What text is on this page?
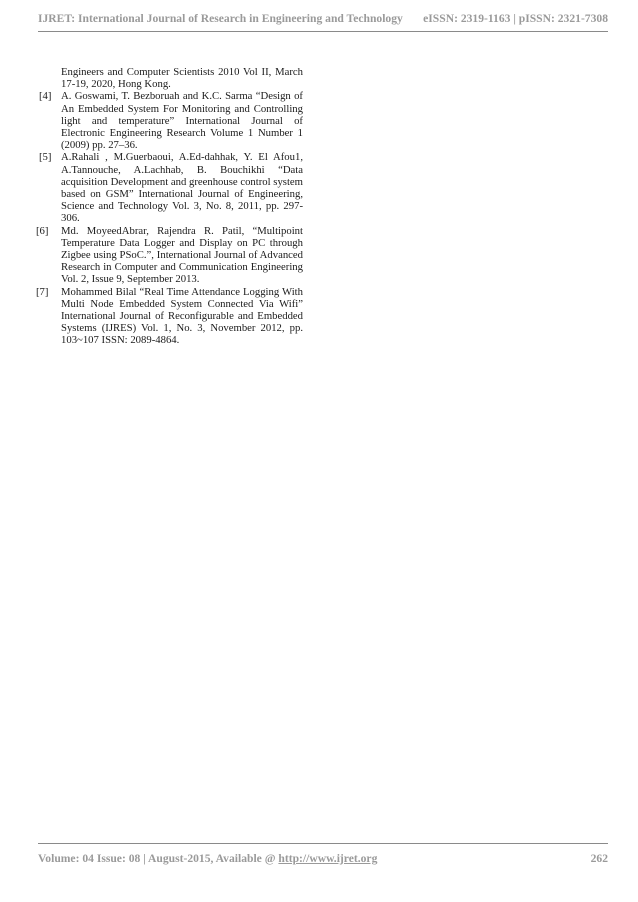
IJRET: International Journal of Research in Engineering and Technology eISSN: 2319-1163 | pISSN: 2321-7308
Engineers and Computer Scientists 2010 Vol II, March 17-19, 2020, Hong Kong.
[4] A. Goswami, T. Bezboruah and K.C. Sarma “Design of An Embedded System For Monitoring and Controlling light and temperature” International Journal of Electronic Engineering Research Volume 1 Number 1 (2009) pp. 27–36.
[5] A.Rahali , M.Guerbaoui, A.Ed-dahhak, Y. El Afou1, A.Tannouche, A.Lachhab, B. Bouchikhi “Data acquisition Development and greenhouse control system based on GSM” International Journal of Engineering, Science and Technology Vol. 3, No. 8, 2011, pp. 297-306.
[6]	Md. MoyeedAbrar, Rajendra R. Patil, “Multipoint Temperature Data Logger and Display on PC through Zigbee using PSoC.”, International Journal of Advanced Research in Computer and Communication Engineering Vol. 2, Issue 9, September 2013.
[7]	Mohammed Bilal “Real Time Attendance Logging With Multi Node Embedded System Connected Via Wifi” International Journal of Reconfigurable and Embedded Systems (IJRES) Vol. 1, No. 3, November 2012, pp. 103~107 ISSN: 2089-4864.
Volume: 04 Issue: 08 | August-2015, Available @ http://www.ijret.org	262
